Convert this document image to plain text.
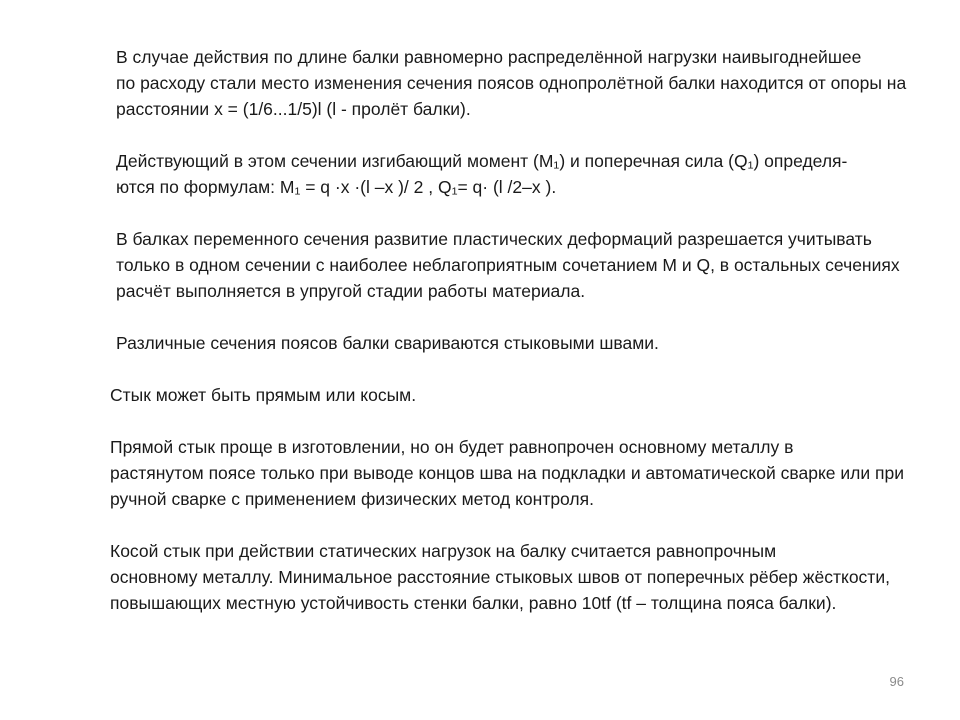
В случае действия по длине балки равномерно распределённой нагрузки наивыгоднейшее
по расходу стали место изменения сечения поясов однопролётной балки находится от опоры на
расстоянии x = (1/6...1/5)l (l - пролёт балки).

Действующий в этом сечении изгибающий момент (M₁) и поперечная сила (Q₁) определя-
ются по формулам: M₁ = q ·x ·(l –x )/ 2 , Q₁= q· (l /2–x ).

В балках переменного сечения развитие пластических деформаций разрешается учитывать
только в одном сечении с наиболее неблагоприятным сочетанием M и Q, в остальных сечениях
расчёт выполняется в упругой стадии работы материала.

Различные сечения поясов балки свариваются стыковыми швами.

Стык может быть прямым или косым.

Прямой стык проще в изготовлении, но он будет равнопрочен основному металлу в
растянутом поясе только при выводе концов шва на подкладки и автоматической сварке или при
ручной сварке с применением физических метод контроля.

Косой стык при действии статических нагрузок на балку считается равнопрочным
основному металлу. Минимальное расстояние стыковых швов от поперечных рёбер жёсткости,
повышающих местную устойчивость стенки балки, равно 10tf (tf – толщина пояса балки).

96
